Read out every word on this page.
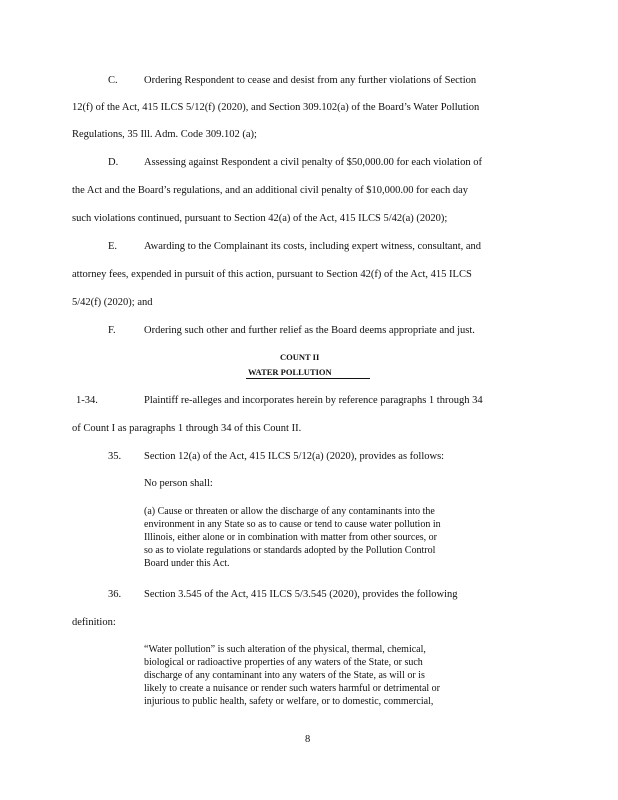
C.	Ordering Respondent to cease and desist from any further violations of Section
12(f) of the Act, 415 ILCS 5/12(f) (2020), and Section 309.102(a) of the Board’s Water Pollution
Regulations, 35 Ill. Adm. Code 309.102 (a);
D. Assessing against Respondent a civil penalty of $50,000.00 for each violation of
the Act and the Board’s regulations, and an additional civil penalty of $10,000.00 for each day
such violations continued, pursuant to Section 42(a) of the Act, 415 ILCS 5/42(a) (2020);
E.	Awarding to the Complainant its costs, including expert witness, consultant, and
attorney fees, expended in pursuit of this action, pursuant to Section 42(f) of the Act, 415 ILCS
5/42(f) (2020); and
F.	Ordering such other and further relief as the Board deems appropriate and just.
COUNT II
WATER POLLUTION
1-34.	Plaintiff re-alleges and incorporates herein by reference paragraphs 1 through 34
of Count I as paragraphs 1 through 34 of this Count II.
35. Section 12(a) of the Act, 415 ILCS 5/12(a) (2020), provides as follows:
No person shall:
(a) Cause or threaten or allow the discharge of any contaminants into the
environment in any State so as to cause or tend to cause water pollution in
Illinois, either alone or in combination with matter from other sources, or
so as to violate regulations or standards adopted by the Pollution Control
Board under this Act.
36. Section 3.545 of the Act, 415 ILCS 5/3.545 (2020), provides the following
definition:
“Water pollution” is such alteration of the physical, thermal, chemical,
biological or radioactive properties of any waters of the State, or such
discharge of any contaminant into any waters of the State, as will or is
likely to create a nuisance or render such waters harmful or detrimental or
injurious to public health, safety or welfare, or to domestic, commercial,
8
